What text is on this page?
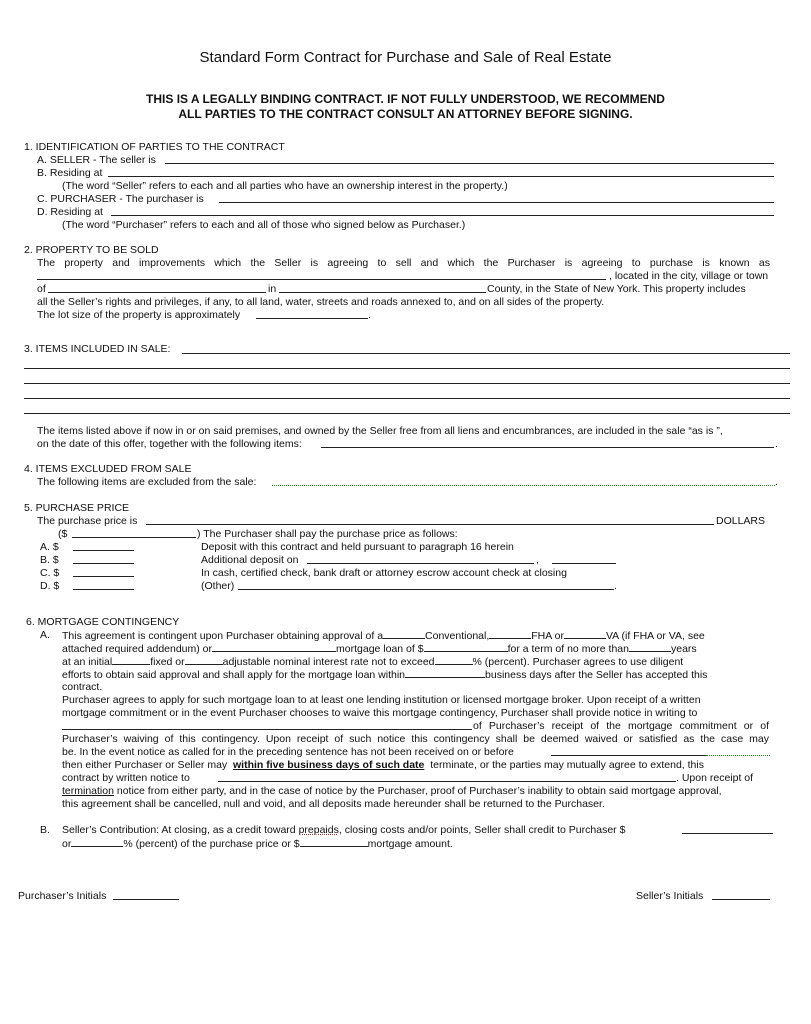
Standard Form Contract for Purchase and Sale of Real Estate
THIS IS A LEGALLY BINDING CONTRACT. IF NOT FULLY UNDERSTOOD, WE RECOMMEND
ALL PARTIES TO THE CONTRACT CONSULT AN ATTORNEY BEFORE SIGNING.
1. IDENTIFICATION OF PARTIES TO THE CONTRACT
A. SELLER - The seller is
B. Residing at
(The word “Seller” refers to each and all parties who have an ownership interest in the property.)
C. PURCHASER - The purchaser is
D. Residing at
(The word “Purchaser” refers to each and all of those who signed below as Purchaser.)
2. PROPERTY TO BE SOLD
The property and improvements which the Seller is agreeing to sell and which the Purchaser is agreeing to purchase is known as
, located in the city, village or town
of	in	County, in the State of New York. This property includes
all the Seller’s rights and privileges, if any, to all land, water, streets and roads annexed to, and on all sides of the property.
The lot size of the property is approximately	.
3. ITEMS INCLUDED IN SALE:
The items listed above if now in or on said premises, and owned by the Seller free from all liens and encumbrances, are included in the sale “as is ”,
on the date of this offer, together with the following items:	.
4. ITEMS EXCLUDED FROM SALE
The following items are excluded from the sale:	.
5. PURCHASE PRICE
The purchase price is	DOLLARS
($	) The Purchaser shall pay the purchase price as follows:
A. $	Deposit with this contract and held pursuant to paragraph 16 herein
B. $	Additional deposit on	,
C. $	In cash, certified check, bank draft or attorney escrow account check at closing
D. $	(Other)	.
6. MORTGAGE CONTINGENCY
A. This agreement is contingent upon Purchaser obtaining approval of a	Conventional,	FHA or	VA (if FHA or VA, see
attached required addendum) or	mortgage loan of $	for a term of no more than	years
at an initial	fixed or	adjustable nominal interest rate not to exceed	% (percent). Purchaser agrees to use diligent
efforts to obtain said approval and shall apply for the mortgage loan within	business days after the Seller has accepted this
contract.
Purchaser agrees to apply for such mortgage loan to at least one lending institution or licensed mortgage broker. Upon receipt of a written
mortgage commitment or in the event Purchaser chooses to waive this mortgage contingency, Purchaser shall provide notice in writing to
of Purchaser’s receipt of the mortgage commitment or of
Purchaser’s waiving of this contingency. Upon receipt of such notice this contingency shall be deemed waived or satisfied as the case may
be. In the event notice as called for in the preceding sentence has not been received on or before
then either Purchaser or Seller may within five business days of such date terminate, or the parties may mutually agree to extend, this
contract by written notice to	. Upon receipt of
termination notice from either party, and in the case of notice by the Purchaser, proof of Purchaser’s inability to obtain said mortgage approval,
this agreement shall be cancelled, null and void, and all deposits made hereunder shall be returned to the Purchaser.
B. Seller’s Contribution: At closing, as a credit toward prepaids, closing costs and/or points, Seller shall credit to Purchaser $
or	% (percent) of the purchase price or $	mortgage amount.
Purchaser’s Initials	Seller’s Initials
